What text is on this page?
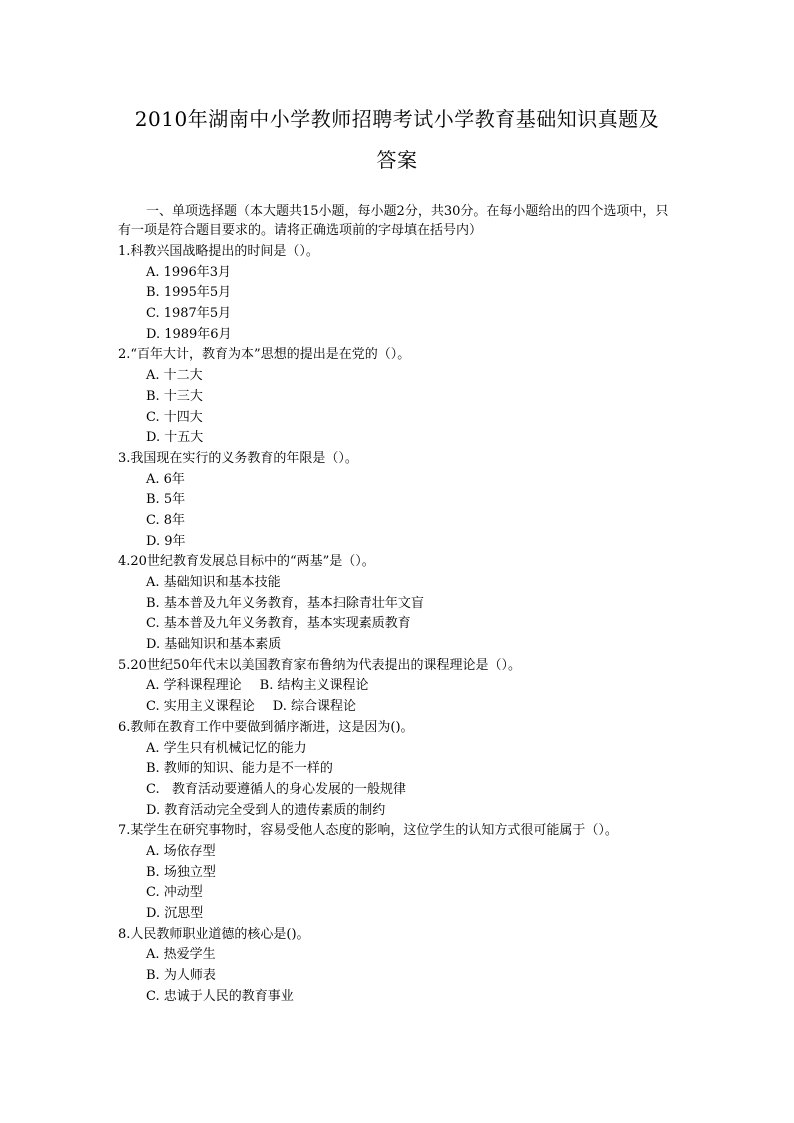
2010年湖南中小学教师招聘考试小学教育基础知识真题及
答案
一、单项选择题（本大题共15小题，每小题2分，共30分。在每小题给出的四个选项中，只有一项是符合题目要求的。请将正确选项前的字母填在括号内）
1.科教兴国战略提出的时间是（）。
A. 1996年3月
B. 1995年5月
C. 1987年5月
D. 1989年6月
2.“百年大计，教育为本”思想的提出是在党的（）。
A. 十二大
B. 十三大
C. 十四大
D. 十五大
3.我国现在实行的义务教育的年限是（）。
A. 6年
B. 5年
C. 8年
D. 9年
4.20世纪教育发展总目标中的“两基”是（）。
A. 基础知识和基本技能
B. 基本普及九年义务教育，基本扫除青壮年文盲
C. 基本普及九年义务教育，基本实现素质教育
D. 基础知识和基本素质
5.20世纪50年代末以美国教育家布鲁纳为代表提出的课程理论是（）。
A. 学科课程理论 B. 结构主义课程论
C. 实用主义课程论 D. 综合课程论
6.教师在教育工作中要做到循序渐进，这是因为()。
A. 学生只有机械记忆的能力
B. 教师的知识、能力是不一样的
C.   教育活动要遵循人的身心发展的一般规律
D. 教育活动完全受到人的遗传素质的制约
7.某学生在研究事物时，容易受他人态度的影响，这位学生的认知方式很可能属于（）。
A. 场依存型
B. 场独立型
C. 冲动型
D. 沉思型
8.人民教师职业道德的核心是()。
A. 热爱学生
B. 为人师表
C. 忠诚于人民的教育事业
